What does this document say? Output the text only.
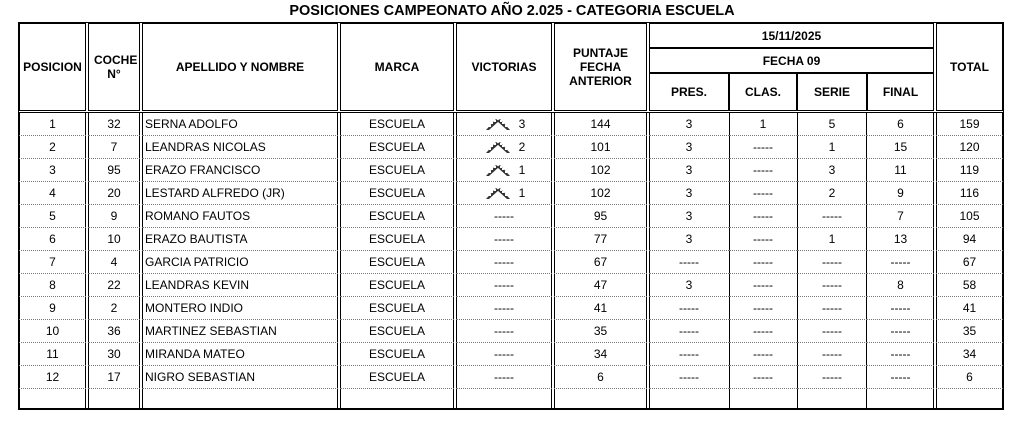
POSICIONES CAMPEONATO AÑO 2.025 - CATEGORIA ESCUELA
POSICION COCHE N°	APELLIDO Y NOMBRE	MARCA	VICTORIAS
PUNTAJE FECHA ANTERIOR
15/11/2025
FECHA 09
PRES.	CLAS.	SERIE	FINAL
TOTAL
1	32	SERNA ADOLFO	ESCUELA	3	144	3	1	5	6	159
2	7	LEANDRAS NICOLAS	ESCUELA	2	101	3	-----	1	15	120
3	95	ERAZO FRANCISCO	ESCUELA	1	102	3	-----	3	11	119
4	20	LESTARD ALFREDO (JR)	ESCUELA	1	102	3	-----	2	9	116
5	9	ROMANO FAUTOS	ESCUELA	-----	95	3	-----	-----	7	105
6	10	ERAZO BAUTISTA	ESCUELA	-----	77	3	-----	1	13	94
7	4	GARCIA PATRICIO	ESCUELA	-----	67	-----	-----	-----	-----	67
8	22	LEANDRAS KEVIN	ESCUELA	-----	47	3	-----	-----	8	58
9	2	MONTERO INDIO	ESCUELA	-----	41	-----	-----	-----	-----	41
10	36	MARTINEZ SEBASTIAN	ESCUELA	-----	35	-----	-----	-----	-----	35
11	30	MIRANDA MATEO	ESCUELA	-----	34	-----	-----	-----	-----	34
12	17	NIGRO SEBASTIAN	ESCUELA	-----	6	-----	-----	-----	-----	6
